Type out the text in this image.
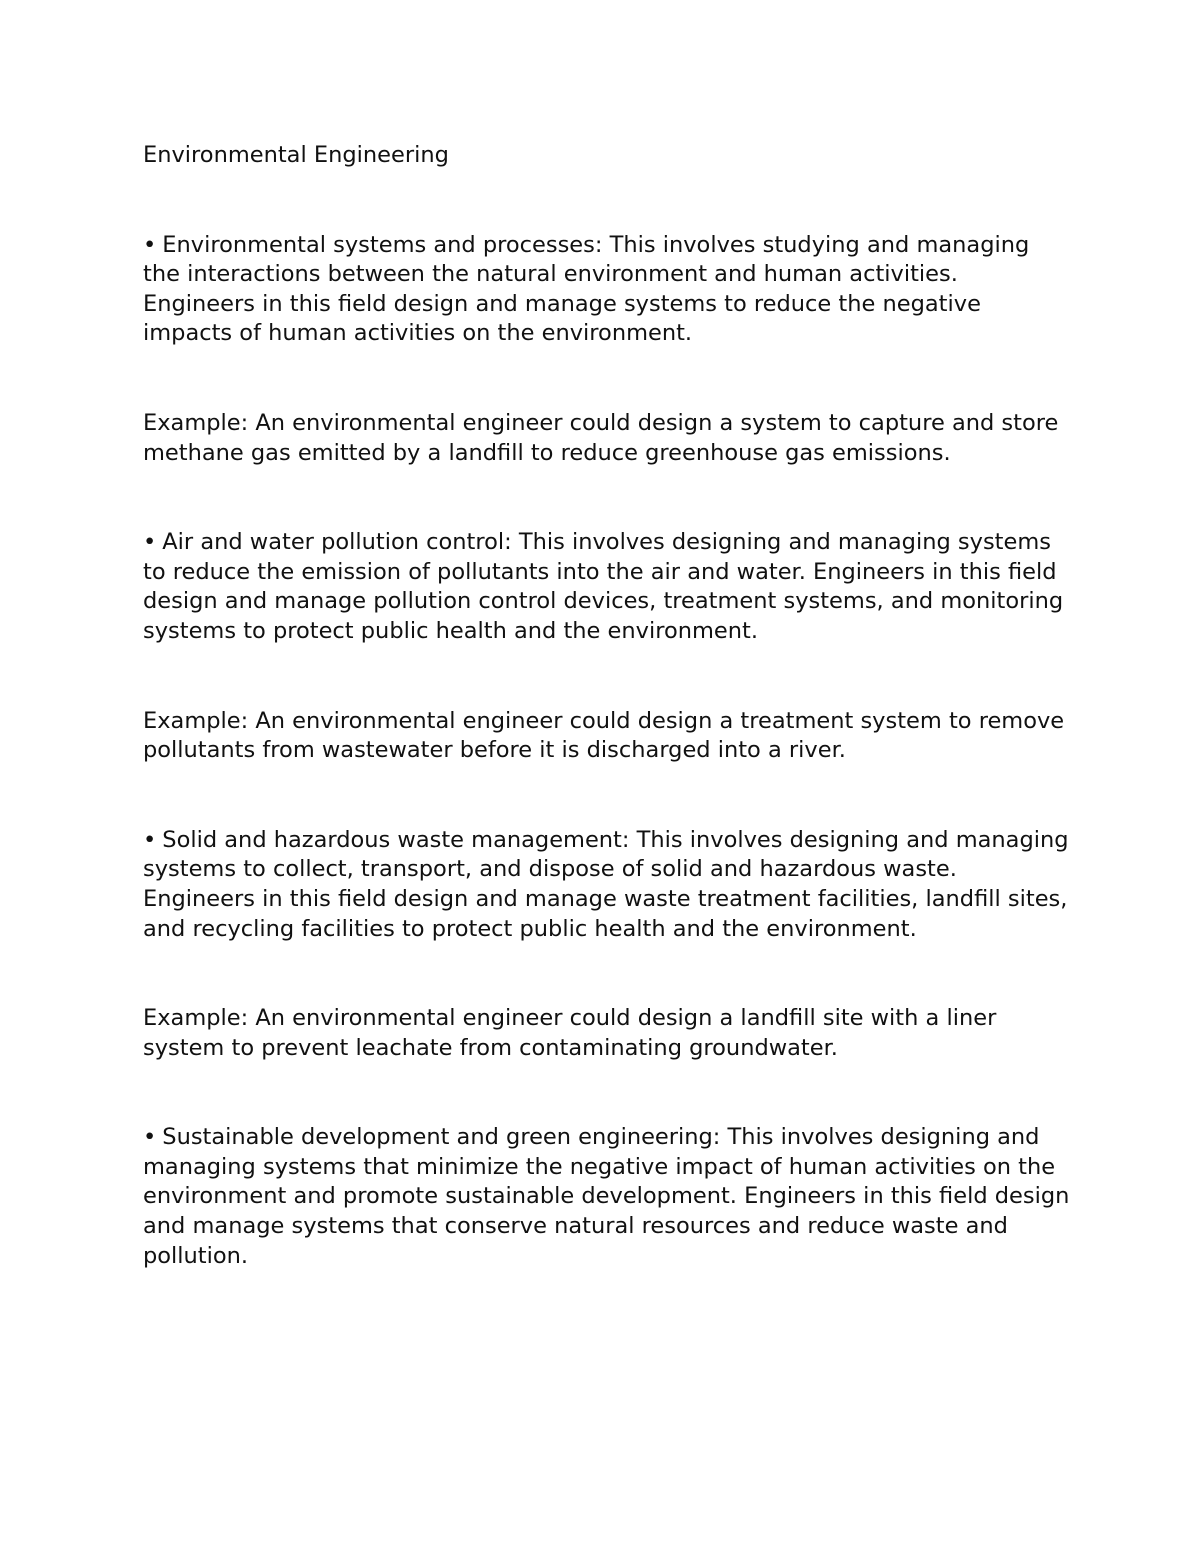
Environmental Engineering

• Environmental systems and processes: This involves studying and managing the interactions between the natural environment and human activities. Engineers in this field design and manage systems to reduce the negative impacts of human activities on the environment.

Example: An environmental engineer could design a system to capture and store methane gas emitted by a landfill to reduce greenhouse gas emissions.

• Air and water pollution control: This involves designing and managing systems to reduce the emission of pollutants into the air and water. Engineers in this field design and manage pollution control devices, treatment systems, and monitoring systems to protect public health and the environment.

Example: An environmental engineer could design a treatment system to remove pollutants from wastewater before it is discharged into a river.

• Solid and hazardous waste management: This involves designing and managing systems to collect, transport, and dispose of solid and hazardous waste. Engineers in this field design and manage waste treatment facilities, landfill sites, and recycling facilities to protect public health and the environment.

Example: An environmental engineer could design a landfill site with a liner system to prevent leachate from contaminating groundwater.

• Sustainable development and green engineering: This involves designing and managing systems that minimize the negative impact of human activities on the environment and promote sustainable development. Engineers in this field design and manage systems that conserve natural resources and reduce waste and pollution.
